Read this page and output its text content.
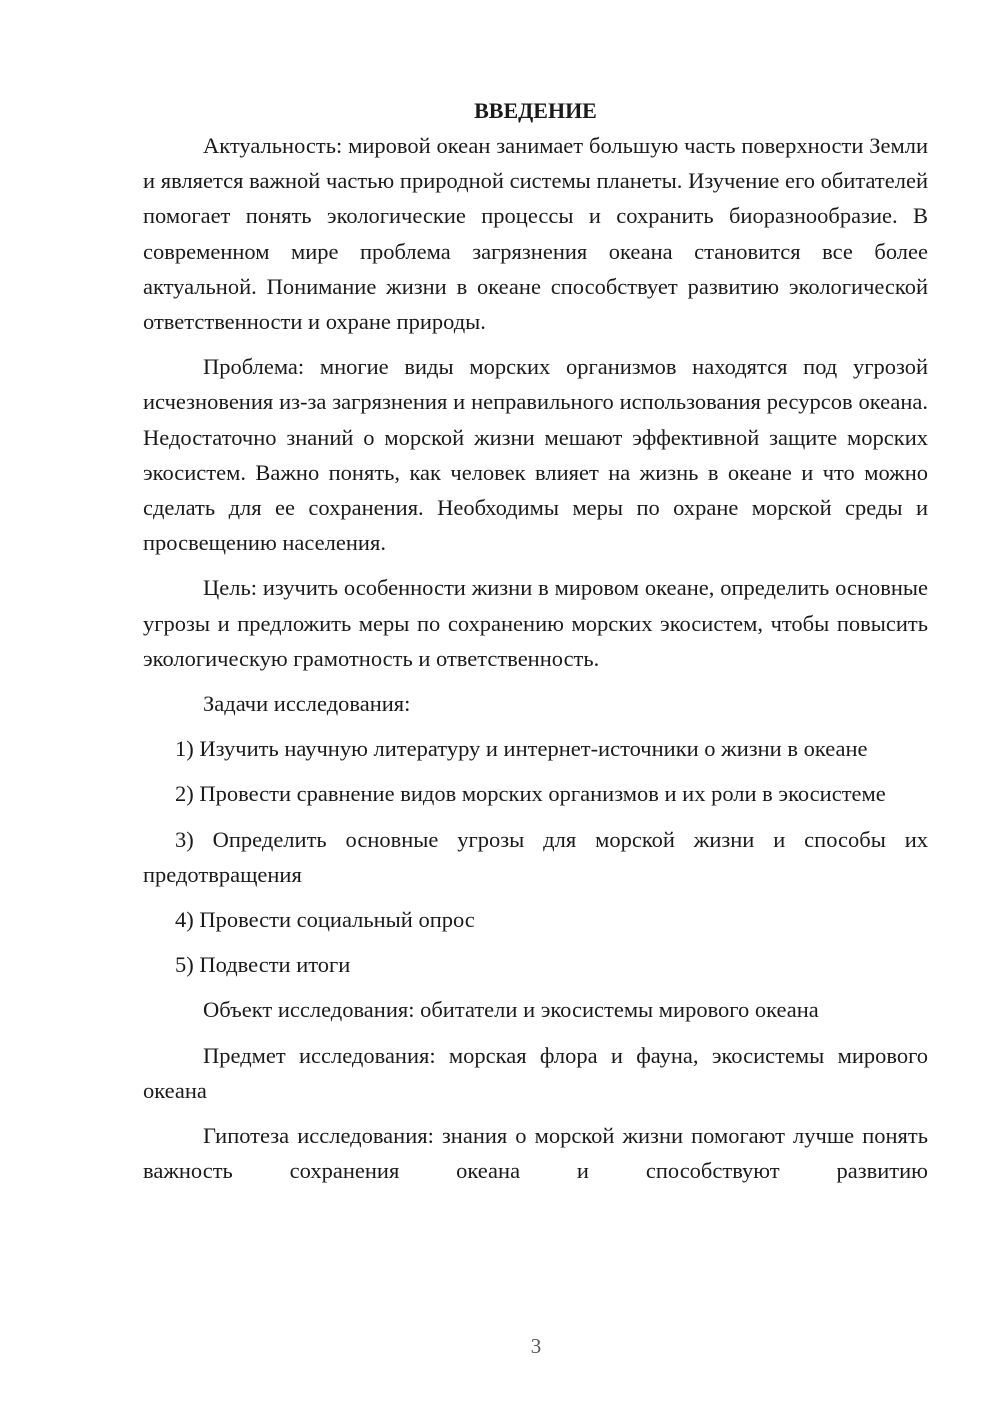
ВВЕДЕНИЕ

Актуальность: мировой океан занимает большую часть поверхности Земли и является важной частью природной системы планеты. Изучение его обитателей помогает понять экологические процессы и сохранить биоразнообразие. В современном мире проблема загрязнения океана становится все более актуальной. Понимание жизни в океане способствует развитию экологической ответственности и охране природы.

Проблема: многие виды морских организмов находятся под угрозой исчезновения из-за загрязнения и неправильного использования ресурсов океана. Недостаточно знаний о морской жизни мешают эффективной защите морских экосистем. Важно понять, как человек влияет на жизнь в океане и что можно сделать для ее сохранения. Необходимы меры по охране морской среды и просвещению населения.

Цель: изучить особенности жизни в мировом океане, определить основные угрозы и предложить меры по сохранению морских экосистем, чтобы повысить экологическую грамотность и ответственность.

Задачи исследования:

1) Изучить научную литературу и интернет-источники о жизни в океане

2) Провести сравнение видов морских организмов и их роли в экосистеме

3) Определить основные угрозы для морской жизни и способы их предотвращения

4) Провести социальный опрос

5) Подвести итоги

Объект исследования: обитатели и экосистемы мирового океана

Предмет исследования: морская флора и фауна, экосистемы мирового океана

Гипотеза исследования: знания о морской жизни помогают лучше понять важность сохранения океана и способствуют развитию

3
